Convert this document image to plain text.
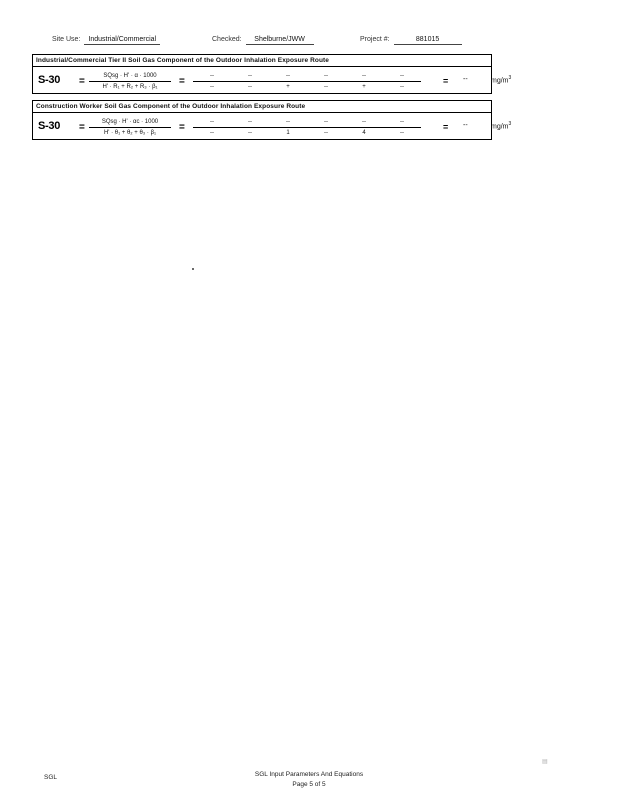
Site Use: Industrial/Commercial	Checked: Shelburne/JWW	Project #:	881015
Industrial/Commercial Tier II Soil Gas Component of the Outdoor Inhalation Exposure Route
S-30 =	SQsg · H' · α · 1000
H' · R₁ + R₂ + R₃ · β₁	=	--	--	--	--	--	--
--	--	+	--	+	--
= --	$mg/m^3$
Construction Worker Soil Gas Component of the Outdoor Inhalation Exposure Route
S-30 =	SQsg · H' · αᴄ · 1000
H' · θ₁ + θ₂ + θ₃ · β₁	=	--	--	--	--	--	--
--	--	1	--	4	--
= --	$mg/m^3$
▤
SGL	SGL Input Parameters And Equations
Page 5 of 5
